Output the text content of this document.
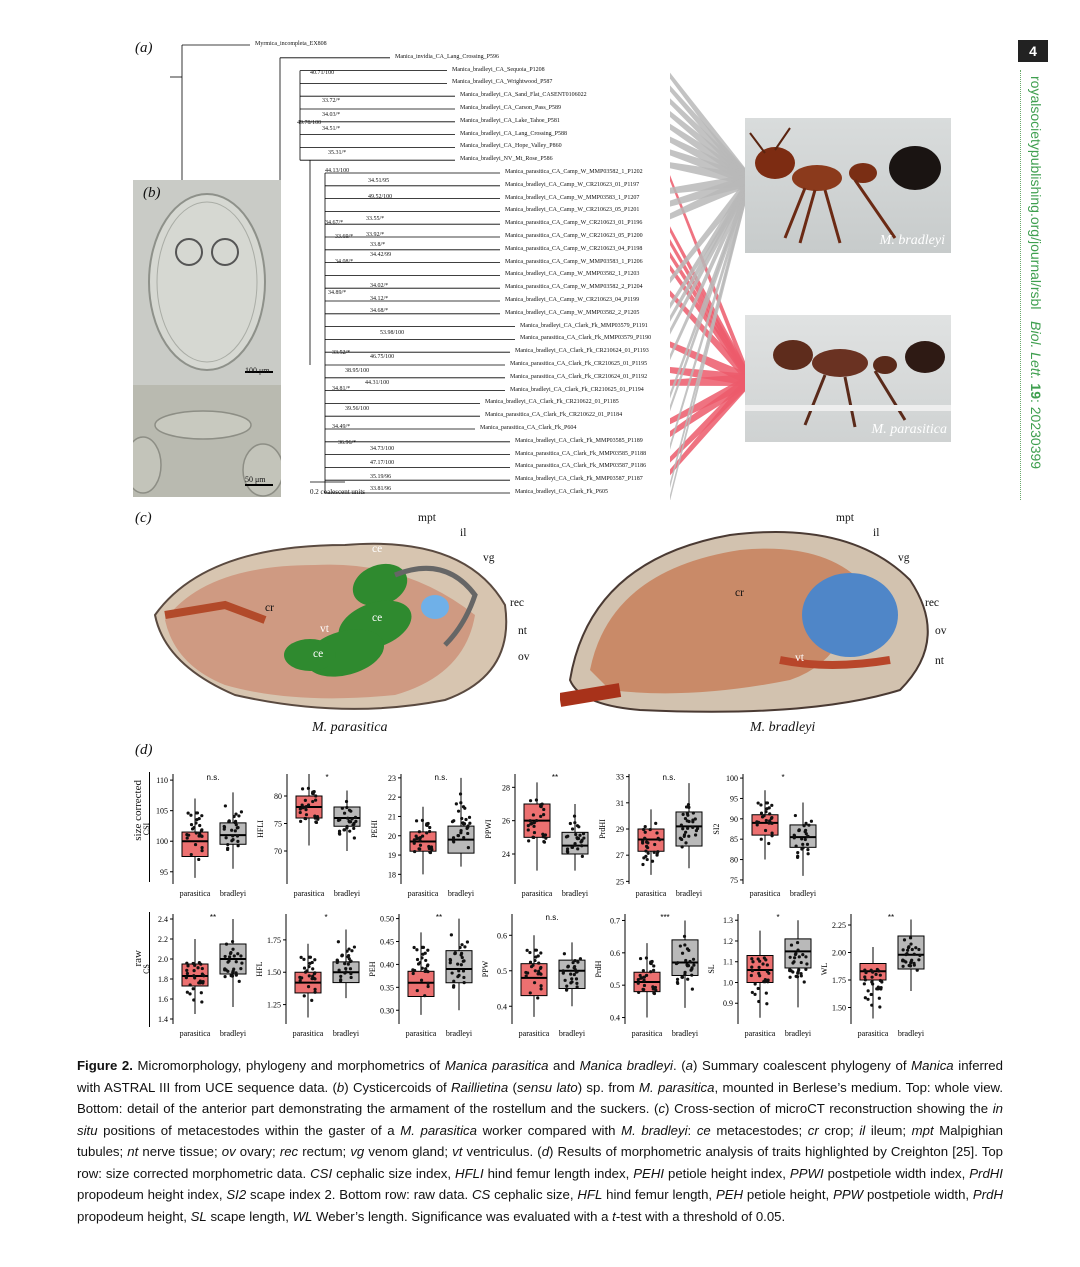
4
royalsocietypublishing.org/journal/rsbl   Biol. Lett. 19: 20230399
(a)	Myrmica_incompleta_EX808
Manica_invidia_CA_Lang_Crossing_P596
Manica_bradleyi_CA_Sequoia_P1208
Manica_bradleyi_CA_Wrightwood_P587
Manica_bradleyi_CA_Sand_Flat_CASENT0106022
Manica_bradleyi_CA_Carson_Pass_P589
Manica_bradleyi_CA_Lake_Tahoe_P581
Manica_bradleyi_CA_Lang_Crossing_P588
Manica_bradleyi_CA_Hope_Valley_P860
Manica_bradleyi_NV_Mt_Rose_P586
Manica_parasitica_CA_Camp_W_MMP03582_1_P1202
Manica_bradleyi_CA_Camp_W_CR210623_01_P1197
Manica_bradleyi_CA_Camp_W_MMP03583_1_P1207
Manica_bradleyi_CA_Camp_W_CR210623_05_P1201
Manica_parasitica_CA_Camp_W_CR210623_01_P1196
Manica_parasitica_CA_Camp_W_CR210623_05_P1200
Manica_parasitica_CA_Camp_W_CR210623_04_P1198
Manica_parasitica_CA_Camp_W_MMP03583_1_P1206
Manica_bradleyi_CA_Camp_W_MMP03582_1_P1203
Manica_parasitica_CA_Camp_W_MMP03582_2_P1204
Manica_bradleyi_CA_Camp_W_CR210623_04_P1199
Manica_bradleyi_CA_Camp_W_MMP03582_2_P1205
Manica_bradleyi_CA_Clark_Fk_MMP03579_P1191
Manica_parasitica_CA_Clark_Fk_MMP03579_P1190
Manica_bradleyi_CA_Clark_Fk_CR210624_01_P1193
Manica_parasitica_CA_Clark_Fk_CR210625_01_P1195
Manica_parasitica_CA_Clark_Fk_CR210624_01_P1192
Manica_bradleyi_CA_Clark_Fk_CR210625_01_P1194
Manica_bradleyi_CA_Clark_Fk_CR210622_01_P1185
Manica_parasitica_CA_Clark_Fk_CR210622_01_P1184
Manica_parasitica_CA_Clark_Fk_P604
Manica_bradleyi_CA_Clark_Fk_MMP03585_P1189
Manica_parasitica_CA_Clark_Fk_MMP03585_P1188
Manica_parasitica_CA_Clark_Fk_MMP03587_P1186
Manica_bradleyi_CA_Clark_Fk_MMP03587_P1187
Manica_bradleyi_CA_Clark_Fk_P605
40.71/100
33.72/*
34.03/*
34.51/*
35.31/*
49.78/100
44.13/100
34.51/95
49.52/100
33.55/*
33.92/*
33.8/*
34.42/99
34.67/*
33.69/*
34.08/*
34.02/*
34.12/*
34.68/*
34.89/*
53.98/100
33.52/*
46.75/100
38.95/100
44.31/100
34.81/*
39.56/100
34.49/*
34.73/100
47.17/100
35.19/96
33.81/96
36.96/*
0.2 coalescent units
M. bradleyi
M. parasitica
(b)
100 μm
50 μm
(c)
ce
ce
cr
vt
ce
ce
mpt
il
vg
rec
nt
ov
M. parasitica
mpt
il
vg
cr
rec
ov
vt	nt
M. bradleyi
(d)
size corrected
raw
110
105
100
95
CSI
n.s.
parasitica bradleyi
80
75
70
HFLI
*
parasitica bradleyi
23
22
21
20
19
18
PEHI
n.s.
parasitica bradleyi
28
26
24
PPWI
**
parasitica bradleyi
33
31
29
27
25
PrdHI
n.s.
parasitica bradleyi
100
95
90
85
80
75
SI2
*
parasitica bradleyi
2.4
2.2
2.0
1.8
1.6
1.4
CS
**
parasitica bradleyi
1.75
1.50
1.25
HFL
*
parasitica bradleyi
0.50
0.45
0.40
0.35
0.30
PEH
**
parasitica bradleyi
0.6
0.5
0.4
PPW
n.s.
parasitica bradleyi
0.7
0.6
0.5
0.4
PrdH
***
parasitica bradleyi
1.3
1.2
1.1
1.0
0.9
SL
*
parasitica bradleyi
2.25
2.00
1.75
1.50
WL
**
parasitica bradleyi
Figure 2. Micromorphology, phylogeny and morphometrics of Manica parasitica and Manica bradleyi. (a) Summary coalescent phylogeny of Manica inferred with ASTRAL III from UCE sequence data. (b) Cysticercoids of Raillietina (sensu lato) sp. from M. parasitica, mounted in Berlese’s medium. Top: whole view. Bottom: detail of the anterior part demonstrating the armament of the rostellum and the suckers. (c) Cross-section of microCT reconstruction showing the in situ positions of metacestodes within the gaster of a M. parasitica worker compared with M. bradleyi: ce metacestodes; cr crop; il ileum; mpt Malpighian tubules; nt nerve tissue; ov ovary; rec rectum; vg venom gland; vt ventriculus. (d) Results of morphometric analysis of traits highlighted by Creighton [25]. Top row: size corrected morphometric data. CSI cephalic size index, HFLI hind femur length index, PEHI petiole height index, PPWI postpetiole width index, PrdHI propodeum height index, SI2 scape index 2. Bottom row: raw data. CS cephalic size, HFL hind femur length, PEH petiole height, PPW postpetiole width, PrdH propodeum height, SL scape length, WL Weber’s length. Significance was evaluated with a t-test with a threshold of 0.05.
